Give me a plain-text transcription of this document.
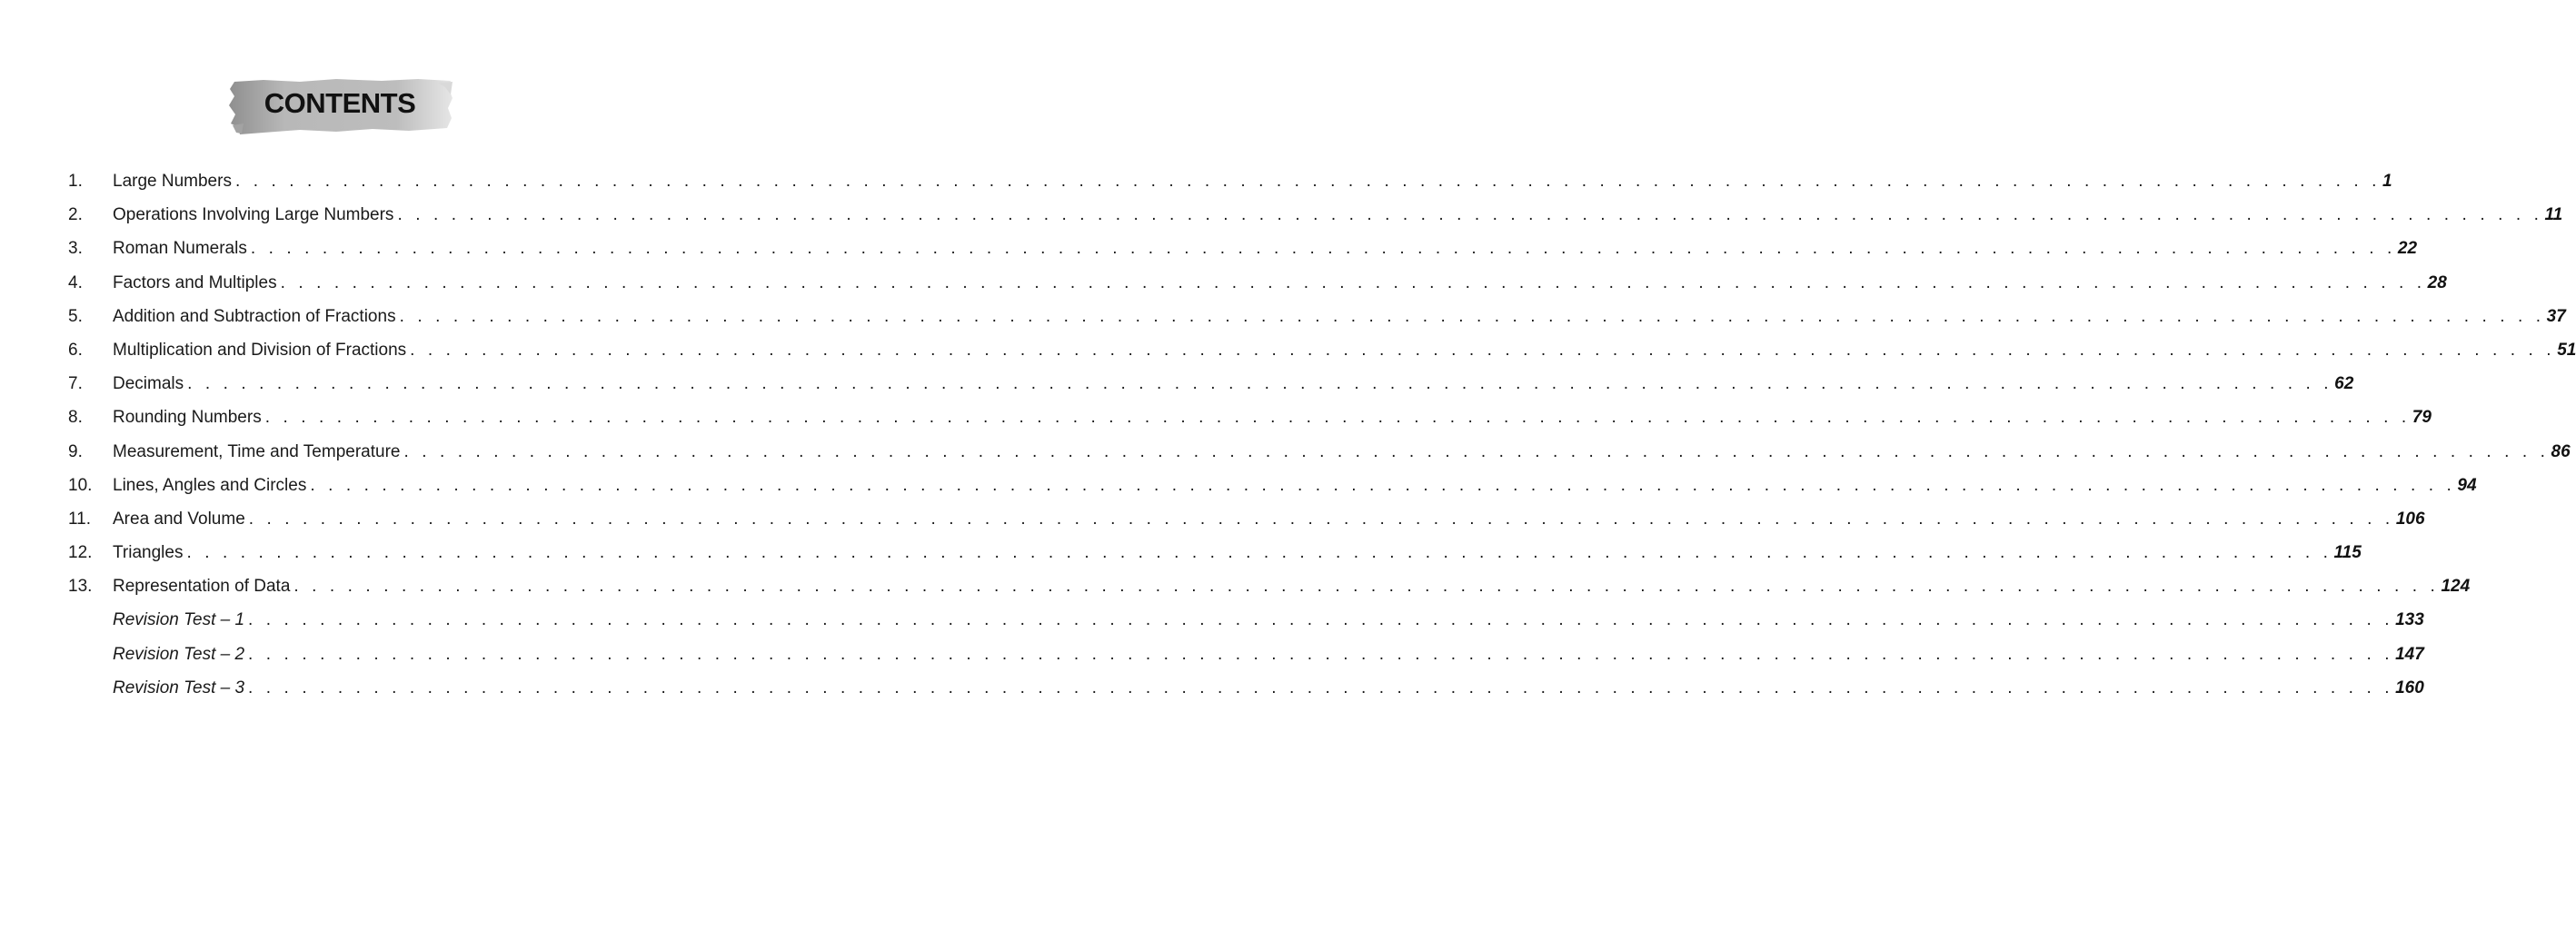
CONTENTS
1. Large Numbers . . . . . . . . . . . . . . . . . . . . . . . . . . . . . . . . . . . . . . . . . . . . . . . . . . . . . . . . . . . . . . . . . . . . . . . . . . . . . . . . . . . . . . . . . . . . . . . . . . . . . . . . . . . . . . . . . . . . . . . . 1
2. Operations Involving Large Numbers . . . . . . . . . . . . . . . . . . . . . . . . . . . . . . . . . . . . . . . . . . . . . . . . . . . . . . . . . . . . . . . . . . . . . . . . . . . . . . . . . . . . . . . . . . . . . . . . . . . . . . . . . . . . . . . . . . . . . . . . 11
3. Roman Numerals . . . . . . . . . . . . . . . . . . . . . . . . . . . . . . . . . . . . . . . . . . . . . . . . . . . . . . . . . . . . . . . . . . . . . . . . . . . . . . . . . . . . . . . . . . . . . . . . . . . . . . . . . . . . . . . . . . . . . . . . 22
4. Factors and Multiples . . . . . . . . . . . . . . . . . . . . . . . . . . . . . . . . . . . . . . . . . . . . . . . . . . . . . . . . . . . . . . . . . . . . . . . . . . . . . . . . . . . . . . . . . . . . . . . . . . . . . . . . . . . . . . . . . . . . . . . . 28
5. Addition and Subtraction of Fractions . . . . . . . . . . . . . . . . . . . . . . . . . . . . . . . . . . . . . . . . . . . . . . . . . . . . . . . . . . . . . . . . . . . . . . . . . . . . . . . . . . . . . . . . . . . . . . . . . . . . . . . . . . . . . . . . . . . . . . . . 37
6. Multiplication and Division of Fractions . . . . . . . . . . . . . . . . . . . . . . . . . . . . . . . . . . . . . . . . . . . . . . . . . . . . . . . . . . . . . . . . . . . . . . . . . . . . . . . . . . . . . . . . . . . . . . . . . . . . . . . . . . . . . . . . . . . . . . . . 51
7. Decimals . . . . . . . . . . . . . . . . . . . . . . . . . . . . . . . . . . . . . . . . . . . . . . . . . . . . . . . . . . . . . . . . . . . . . . . . . . . . . . . . . . . . . . . . . . . . . . . . . . . . . . . . . . . . . . . . . . . . . . . . 62
8. Rounding Numbers . . . . . . . . . . . . . . . . . . . . . . . . . . . . . . . . . . . . . . . . . . . . . . . . . . . . . . . . . . . . . . . . . . . . . . . . . . . . . . . . . . . . . . . . . . . . . . . . . . . . . . . . . . . . . . . . . . . . . . . . 79
9. Measurement, Time and Temperature . . . . . . . . . . . . . . . . . . . . . . . . . . . . . . . . . . . . . . . . . . . . . . . . . . . . . . . . . . . . . . . . . . . . . . . . . . . . . . . . . . . . . . . . . . . . . . . . . . . . . . . . . . . . . . . . . . . . . . . . 86
10. Lines, Angles and Circles . . . . . . . . . . . . . . . . . . . . . . . . . . . . . . . . . . . . . . . . . . . . . . . . . . . . . . . . . . . . . . . . . . . . . . . . . . . . . . . . . . . . . . . . . . . . . . . . . . . . . . . . . . . . . . . . . . . . . . . . 94
11. Area and Volume . . . . . . . . . . . . . . . . . . . . . . . . . . . . . . . . . . . . . . . . . . . . . . . . . . . . . . . . . . . . . . . . . . . . . . . . . . . . . . . . . . . . . . . . . . . . . . . . . . . . . . . . . . . . . . . . . . . . . . . . 106
12. Triangles . . . . . . . . . . . . . . . . . . . . . . . . . . . . . . . . . . . . . . . . . . . . . . . . . . . . . . . . . . . . . . . . . . . . . . . . . . . . . . . . . . . . . . . . . . . . . . . . . . . . . . . . . . . . . . . . . . . . . . . . 115
13. Representation of Data . . . . . . . . . . . . . . . . . . . . . . . . . . . . . . . . . . . . . . . . . . . . . . . . . . . . . . . . . . . . . . . . . . . . . . . . . . . . . . . . . . . . . . . . . . . . . . . . . . . . . . . . . . . . . . . . . . . . . . . . 124
Revision Test – 1 . . . . . . . . . . . . . . . . . . . . . . . . . . . . . . . . . . . . . . . . . . . . . . . . . . . . . . . . . . . . . . . . . . . . . . . . . . . . . . . . . . . . . . . . . . . . . . . . . . . . . . . . . . . . . . . . . . . . . . . . 133
Revision Test – 2 . . . . . . . . . . . . . . . . . . . . . . . . . . . . . . . . . . . . . . . . . . . . . . . . . . . . . . . . . . . . . . . . . . . . . . . . . . . . . . . . . . . . . . . . . . . . . . . . . . . . . . . . . . . . . . . . . . . . . . . . 147
Revision Test – 3 . . . . . . . . . . . . . . . . . . . . . . . . . . . . . . . . . . . . . . . . . . . . . . . . . . . . . . . . . . . . . . . . . . . . . . . . . . . . . . . . . . . . . . . . . . . . . . . . . . . . . . . . . . . . . . . . . . . . . . . . 160
